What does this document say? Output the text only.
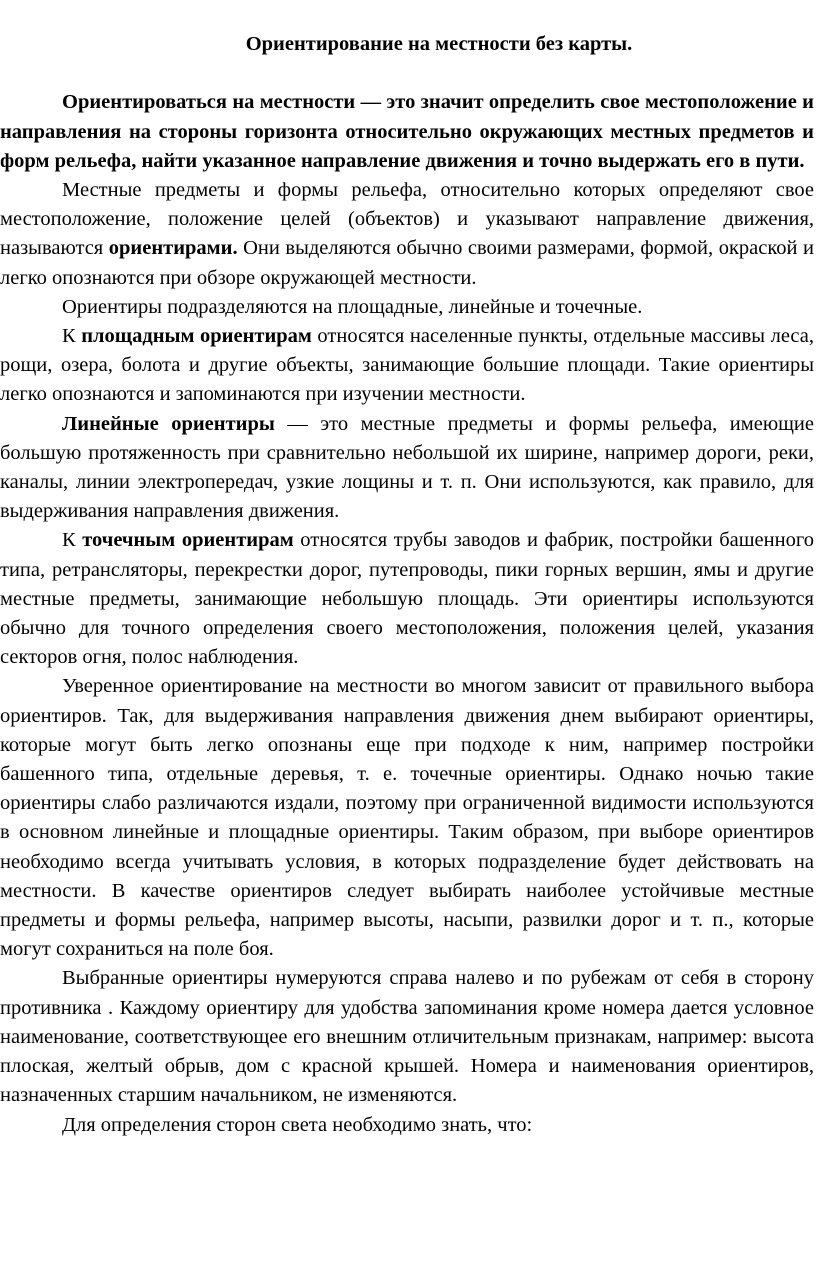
Ориентирование на местности без карты.

Ориентироваться на местности — это значит определить свое местоположение и направления на стороны горизонта относительно окружающих местных предметов и форм рельефа, найти указанное направление движения и точно выдержать его в пути.

Местные предметы и формы рельефа, относительно которых определяют свое местоположение, положение целей (объектов) и указывают направление движения, называются ориентирами. Они выделяются обычно своими размерами, формой, окраской и легко опознаются при обзоре окружающей местности.

Ориентиры подразделяются на площадные, линейные и точечные.

К площадным ориентирам относятся населенные пункты, отдельные массивы леса, рощи, озера, болота и другие объекты, занимающие большие площади. Такие ориентиры легко опознаются и запоминаются при изучении местности.

Линейные ориентиры — это местные предметы и формы рельефа, имеющие большую протяженность при сравнительно небольшой их ширине, например дороги, реки, каналы, линии электропередач, узкие лощины и т. п. Они используются, как правило, для выдерживания направления движения.

К точечным ориентирам относятся трубы заводов и фабрик, постройки башенного типа, ретрансляторы, перекрестки дорог, путепроводы, пики горных вершин, ямы и другие местные предметы, занимающие небольшую площадь. Эти ориентиры используются обычно для точного определения своего местоположения, положения целей, указания секторов огня, полос наблюдения.

Уверенное ориентирование на местности во многом зависит от правильного выбора ориентиров. Так, для выдерживания направления движения днем выбирают ориентиры, которые могут быть легко опознаны еще при подходе к ним, например постройки башенного типа, отдельные деревья, т. е. точечные ориентиры. Однако ночью такие ориентиры слабо различаются издали, поэтому при ограниченной видимости используются в основном линейные и площадные ориентиры. Таким образом, при выборе ориентиров необходимо всегда учитывать условия, в которых подразделение будет действовать на местности. В качестве ориентиров следует выбирать наиболее устойчивые местные предметы и формы рельефа, например высоты, насыпи, развилки дорог и т. п., которые могут сохраниться на поле боя.

Выбранные ориентиры нумеруются справа налево и по рубежам от себя в сторону противника . Каждому ориентиру для удобства запоминания кроме номера дается условное наименование, соответствующее его внешним отличительным признакам, например: высота плоская, желтый обрыв, дом с красной крышей. Номера и наименования ориентиров, назначенных старшим начальником, не изменяются.

Для определения сторон света необходимо знать, что:
